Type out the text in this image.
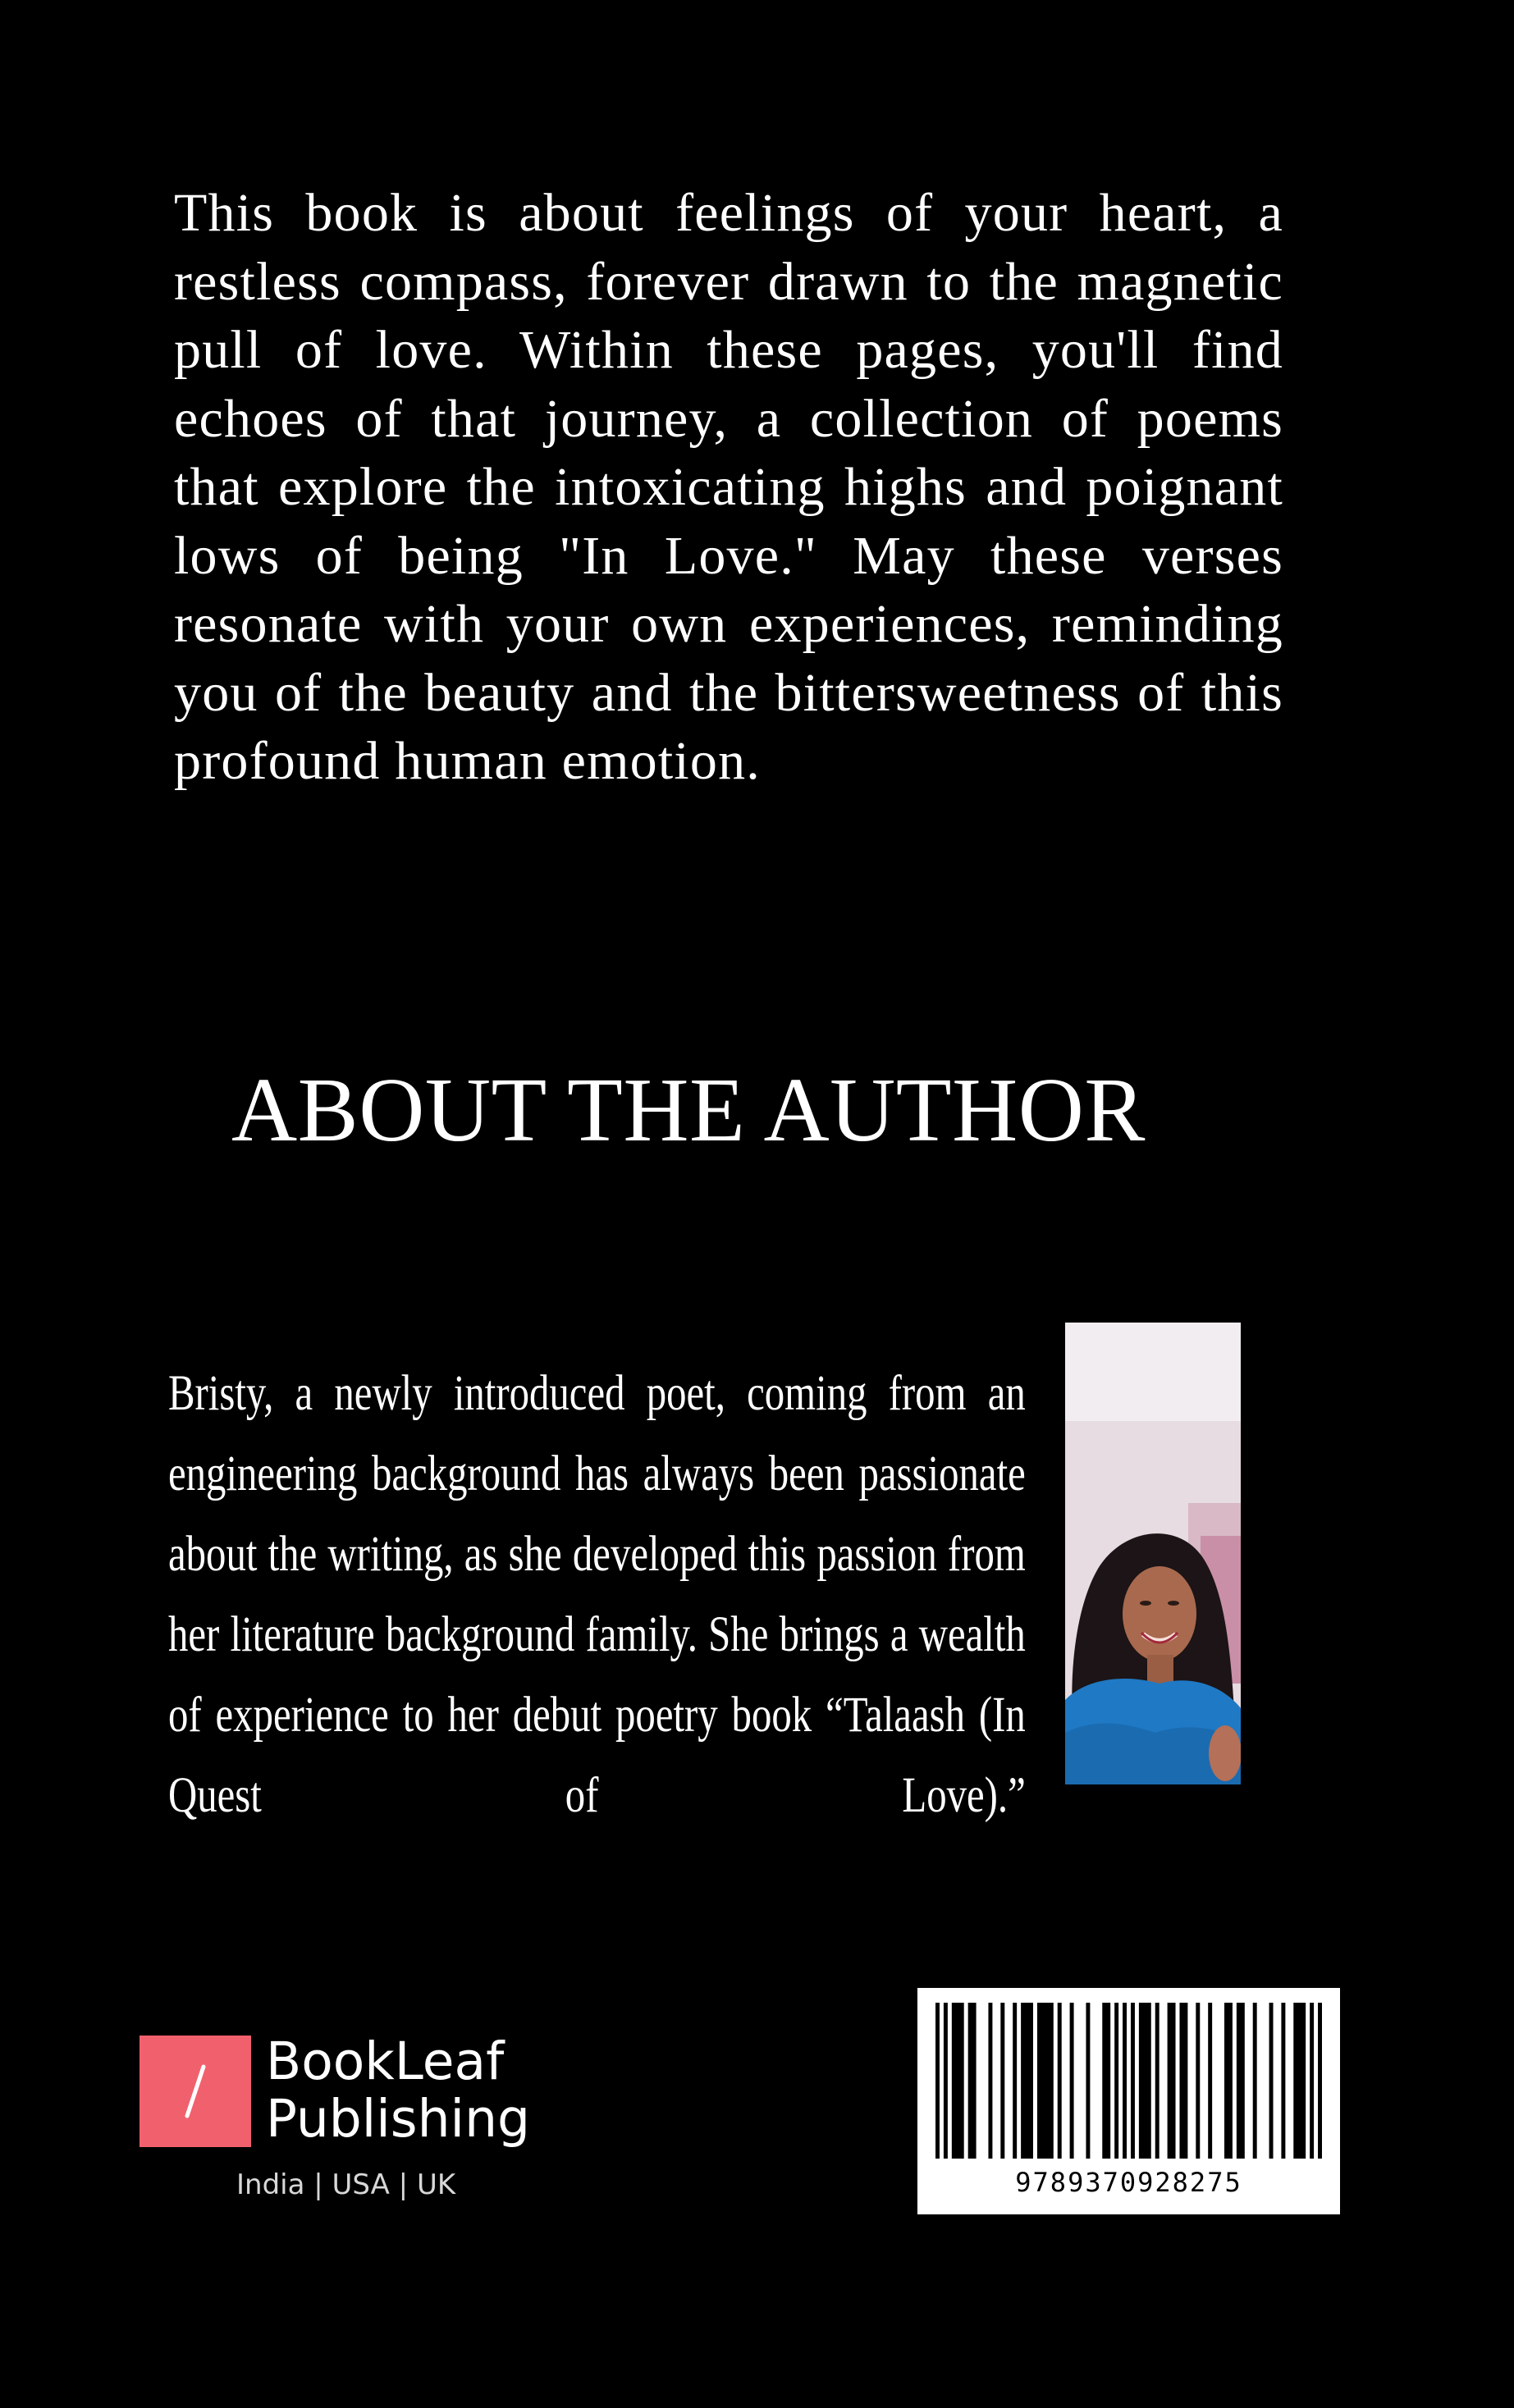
This book is about feelings of your heart, a restless compass, forever drawn to the magnetic pull of love. Within these pages, you'll find echoes of that journey, a collection of poems that explore the intoxicating highs and poignant lows of being "In Love." May these verses resonate with your own experiences, reminding you of the beauty and the bittersweetness of this profound human emotion.

ABOUT THE AUTHOR

Bristy, a newly introduced poet, coming from an engineering background has always been passionate about the writing, as she developed this passion from her literature background family. She brings a wealth of experience to her debut poetry book “Talaash (In Quest of Love).”

BookLeaf
Publishing
India | USA | UK	9789370928275
